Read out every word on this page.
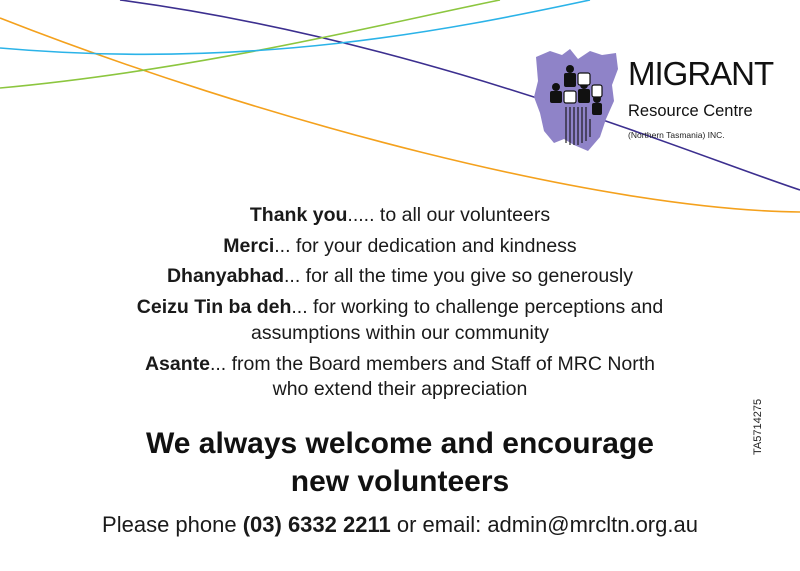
MIGRANT
Resource Centre
(Northern Tasmania) INC.

Thank you..... to all our volunteers

Merci... for your dedication and kindness

Dhanyabhad... for all the time you give so generously

Ceizu Tin ba deh... for working to challenge perceptions and
assumptions within our community

Asante... from the Board members and Staff of MRC North
who extend their appreciation

We always welcome and encourage
new volunteers
Please phone (03) 6332 2211 or email: admin@mrcltn.org.au
TA5714275
